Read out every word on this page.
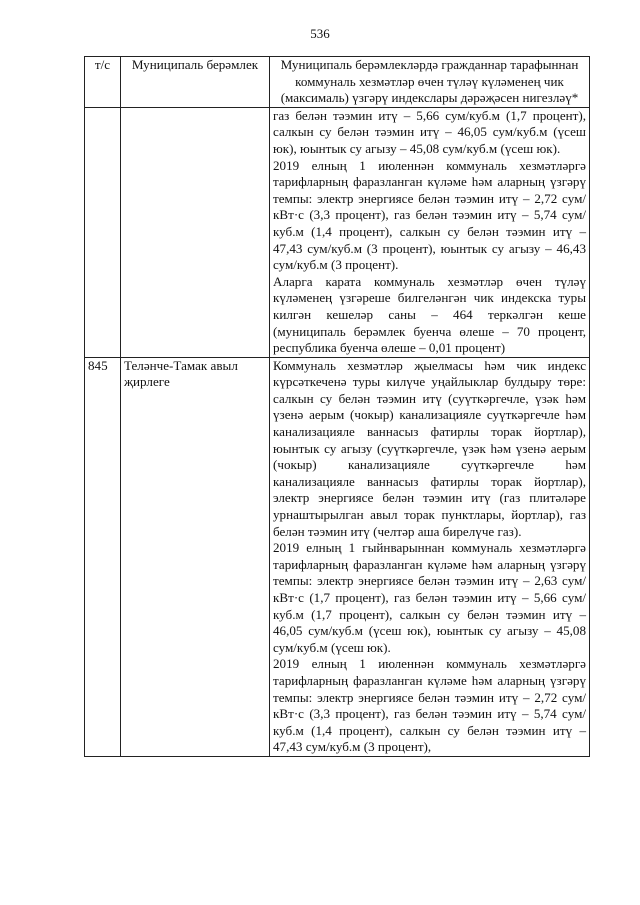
536
т/с	Муниципаль берәмлек	Муниципаль берәмлекләрдә гражданнар тарафыннан коммуналь хезмәтләр өчен түләү күләменең чик (максималь) үзгәрү индекслары дәрәҗәсен нигезләү*

		газ белән тәэмин итү – 5,66 сум/куб.м (1,7 процент), салкын су белән тәэмин итү – 46,05 сум/куб.м (үсеш юк), юынтык су агызу – 45,08 сум/куб.м (үсеш юк).

2019 елның 1 июленнән коммуналь хезмәтләргә тарифларның фаразланган күләме һәм аларның үзгәрү темпы: электр энергиясе белән тәэмин итү – 2,72 сум/кВт·с (3,3 процент), газ белән тәэмин итү – 5,74 сум/куб.м (1,4 процент), салкын су белән тәэмин итү – 47,43 сум/куб.м (3 процент), юынтык су агызу – 46,43 сум/куб.м (3 процент).

Аларга карата коммуналь хезмәтләр өчен түләү күләменең үзгәреше билгеләнгән чик индекска туры килгән кешеләр саны – 464 теркәлгән кеше (муниципаль берәмлек буенча өлеше – 70 процент, республика буенча өлеше – 0,01 процент)

845	Теләнче-Тамак авыл җирлеге	Коммуналь хезмәтләр җыелмасы һәм чик индекс күрсәткеченә туры килүче уңайлыклар булдыру төре: салкын су белән тәэмин итү (суүткәргечле, үзәк һәм үзенә аерым (чокыр) канализацияле суүткәргечле һәм канализацияле ваннасыз фатирлы торак йортлар), юынтык су агызу (суүткәргечле, үзәк һәм үзенә аерым (чокыр) канализацияле суүткәргечле һәм канализацияле ваннасыз фатирлы торак йортлар), электр энергиясе белән тәэмин итү (газ плитәләре урнаштырылган авыл торак пунктлары, йортлар), газ белән тәэмин итү (челтәр аша бирелүче газ).

2019 елның 1 гыйнварыннан коммуналь хезмәтләргә тарифларның фаразланган күләме һәм аларның үзгәрү темпы: электр энергиясе белән тәэмин итү – 2,63 сум/кВт·с (1,7 процент), газ белән тәэмин итү – 5,66 сум/куб.м (1,7 процент), салкын су белән тәэмин итү – 46,05 сум/куб.м (үсеш юк), юынтык су агызу – 45,08 сум/куб.м (үсеш юк).

2019 елның 1 июленнән коммуналь хезмәтләргә тарифларның фаразланган күләме һәм аларның үзгәрү темпы: электр энергиясе белән тәэмин итү – 2,72 сум/кВт·с (3,3 процент), газ белән тәэмин итү – 5,74 сум/куб.м (1,4 процент), салкын су белән тәэмин итү – 47,43 сум/куб.м (3 процент),
